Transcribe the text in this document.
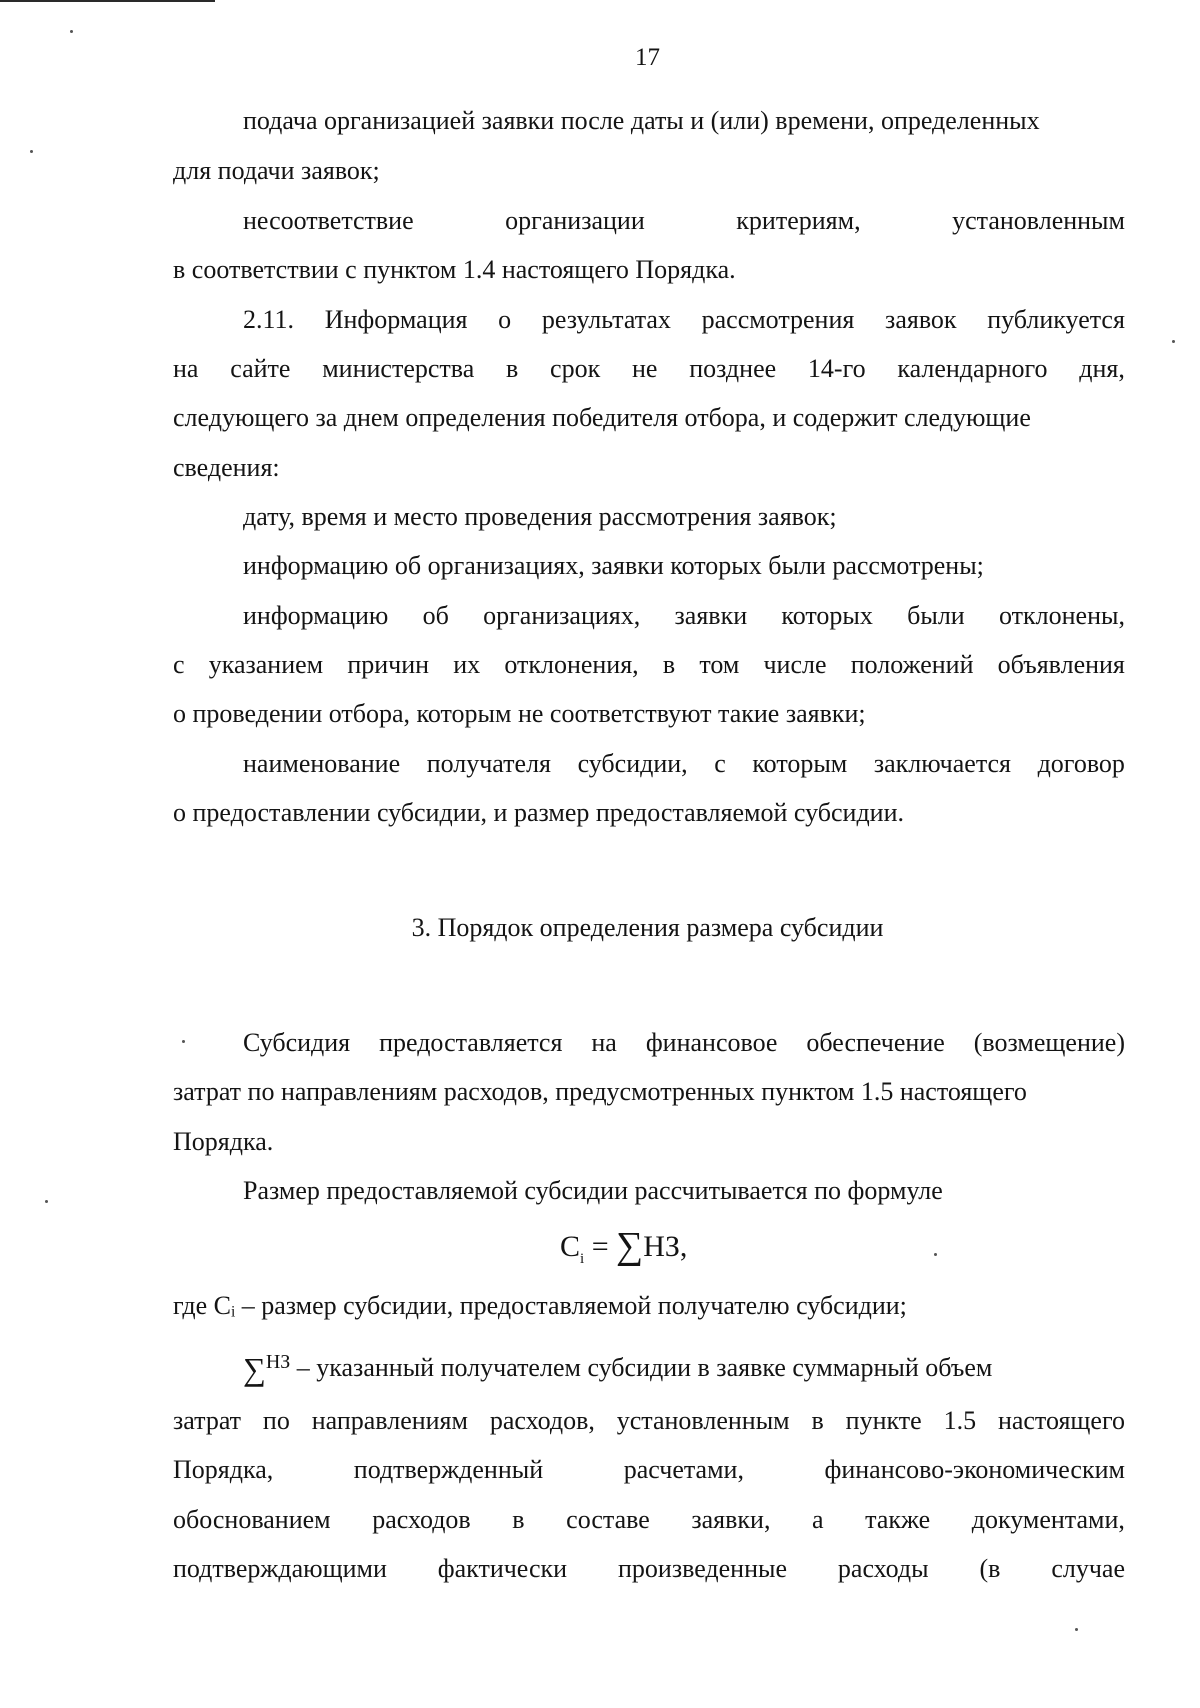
17
подача организацией заявки после даты и (или) времени, определенных
для подачи заявок;
несоответствие	организации	критериям,	установленным
в соответствии с пунктом 1.4 настоящего Порядка.
2.11. Информация о результатах рассмотрения заявок публикуется
на сайте министерства в срок не позднее 14-го календарного дня,
следующего за днем определения победителя отбора, и содержит следующие
сведения:
дату, время и место проведения рассмотрения заявок;
информацию об организациях, заявки которых были рассмотрены;
информацию об организациях, заявки которых были отклонены,
с указанием причин их отклонения, в том числе положений объявления
о проведении отбора, которым не соответствуют такие заявки;
наименование получателя субсидии, с которым заключается договор
о предоставлении субсидии, и размер предоставляемой субсидии.
3. Порядок определения размера субсидии
Субсидия предоставляется на финансовое обеспечение (возмещение)
затрат по направлениям расходов, предусмотренных пунктом 1.5 настоящего
Порядка.
Размер предоставляемой субсидии рассчитывается по формуле
$C_i = \sum НЗ$,
где Cᵢ – размер субсидии, предоставляемой получателю субсидии;
∑$^{НЗ}$ – указанный получателем субсидии в заявке суммарный объем
затрат по направлениям расходов, установленным в пункте 1.5 настоящего
Порядка,	подтвержденный	расчетами,	финансово-экономическим
обоснованием расходов в составе заявки, а также документами,
подтверждающими фактически произведенные расходы (в случае
